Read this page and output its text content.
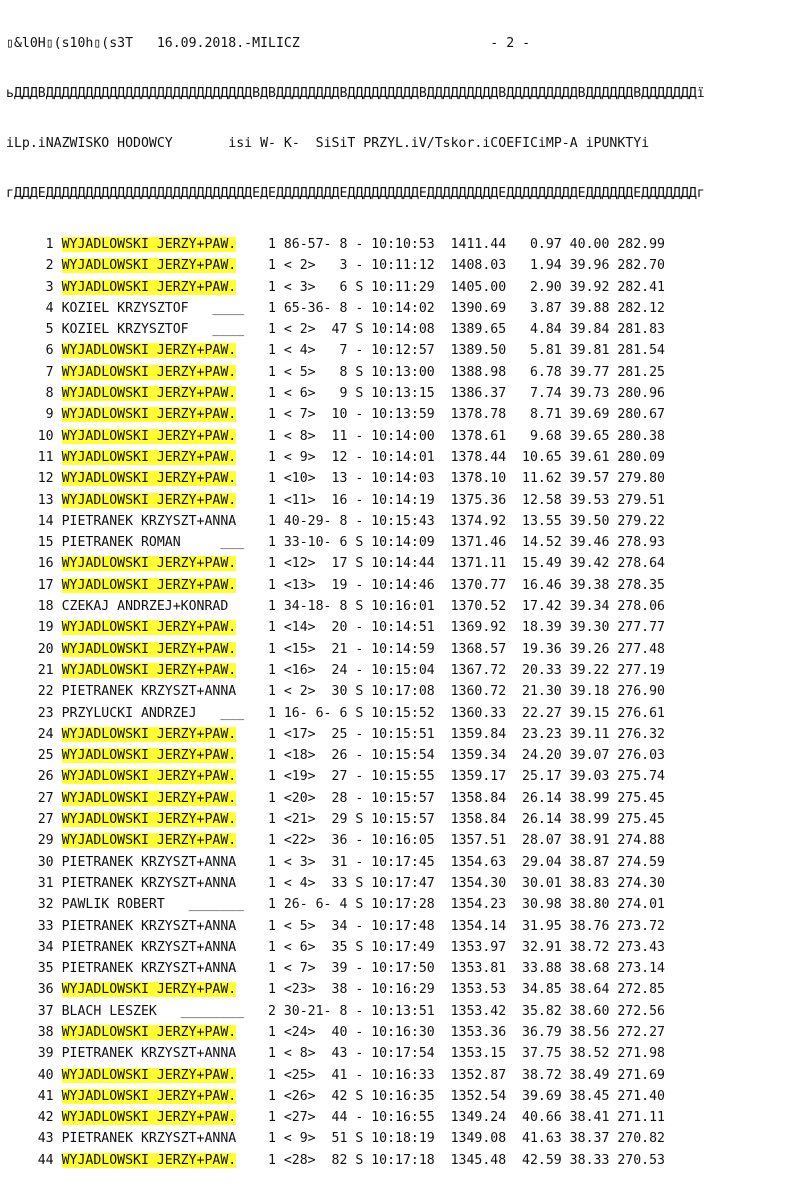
▯&l0H▯(s10h▯(s3T   16.09.2018.-MILICZ                        - 2 -

ьДДДВДДДДДДДДДДДДДДДДДДДДДДДДДДВДВДДДДДДДДВДДДДДДДДДВДДДДДДДДДВДДДДДДДДДВДДДДДДВДДДДДДДї

iLp.iNAZWISKO HODOWCY       isi W- K-  SiSiT PRZYL.iV/Tskor.iCOEFICiMP-A iPUNKTYi

гДДДЕДДДДДДДДДДДДДДДДДДДДДДДДДДЕДЕДДДДДДДДЕДДДДДДДДДЕДДДДДДДДДЕДДДДДДДДДЕДДДДДДЕДДДДДДДг

1 WYJADLOWSKI JERZY+PAW. 1 86-57- 8 - 10:10:53  1411.44   0.97 40.00 282.99
2 WYJADLOWSKI JERZY+PAW. 1 < 2>   3 - 10:11:12  1408.03   1.94 39.96 282.70
3 WYJADLOWSKI JERZY+PAW. 1 < 3>   6 S 10:11:29  1405.00   2.90 39.92 282.41
4 KOZIEL KRZYSZTOF   ____ 1 65-36- 8 - 10:14:02  1390.69   3.87 39.88 282.12
5 KOZIEL KRZYSZTOF   ____ 1 < 2>  47 S 10:14:08  1389.65   4.84 39.84 281.83
6 WYJADLOWSKI JERZY+PAW. 1 < 4>   7 - 10:12:57  1389.50   5.81 39.81 281.54
7 WYJADLOWSKI JERZY+PAW. 1 < 5>   8 S 10:13:00  1388.98   6.78 39.77 281.25
8 WYJADLOWSKI JERZY+PAW. 1 < 6>   9 S 10:13:15  1386.37   7.74 39.73 280.96
9 WYJADLOWSKI JERZY+PAW. 1 < 7>  10 - 10:13:59  1378.78   8.71 39.69 280.67
10 WYJADLOWSKI JERZY+PAW. 1 < 8>  11 - 10:14:00  1378.61   9.68 39.65 280.38
11 WYJADLOWSKI JERZY+PAW. 1 < 9>  12 - 10:14:01  1378.44  10.65 39.61 280.09
12 WYJADLOWSKI JERZY+PAW. 1 <10>  13 - 10:14:03  1378.10  11.62 39.57 279.80
13 WYJADLOWSKI JERZY+PAW. 1 <11>  16 - 10:14:19  1375.36  12.58 39.53 279.51
14 PIETRANEK KRZYSZT+ANNA 1 40-29- 8 - 10:15:43  1374.92  13.55 39.50 279.22
15 PIETRANEK ROMAN     ___ 1 33-10- 6 S 10:14:09  1371.46  14.52 39.46 278.93
16 WYJADLOWSKI JERZY+PAW. 1 <12>  17 S 10:14:44  1371.11  15.49 39.42 278.64
17 WYJADLOWSKI JERZY+PAW. 1 <13>  19 - 10:14:46  1370.77  16.46 39.38 278.35
18 CZEKAJ ANDRZEJ+KONRAD	1 34-18- 8 S 10:16:01  1370.52  17.42 39.34 278.06
19 WYJADLOWSKI JERZY+PAW. 1 <14>  20 - 10:14:51  1369.92  18.39 39.30 277.77
20 WYJADLOWSKI JERZY+PAW. 1 <15>  21 - 10:14:59  1368.57  19.36 39.26 277.48
21 WYJADLOWSKI JERZY+PAW. 1 <16>  24 - 10:15:04  1367.72  20.33 39.22 277.19
22 PIETRANEK KRZYSZT+ANNA 1 < 2>  30 S 10:17:08  1360.72  21.30 39.18 276.90
23 PRZYLUCKI ANDRZEJ   ___ 1 16- 6- 6 S 10:15:52  1360.33  22.27 39.15 276.61
24 WYJADLOWSKI JERZY+PAW. 1 <17>  25 - 10:15:51  1359.84  23.23 39.11 276.32
25 WYJADLOWSKI JERZY+PAW. 1 <18>  26 - 10:15:54  1359.34  24.20 39.07 276.03
26 WYJADLOWSKI JERZY+PAW. 1 <19>  27 - 10:15:55  1359.17  25.17 39.03 275.74
27 WYJADLOWSKI JERZY+PAW. 1 <20>  28 - 10:15:57  1358.84  26.14 38.99 275.45
27 WYJADLOWSKI JERZY+PAW. 1 <21>  29 S 10:15:57  1358.84  26.14 38.99 275.45
29 WYJADLOWSKI JERZY+PAW. 1 <22>  36 - 10:16:05  1357.51  28.07 38.91 274.88
30 PIETRANEK KRZYSZT+ANNA 1 < 3>  31 - 10:17:45  1354.63  29.04 38.87 274.59
31 PIETRANEK KRZYSZT+ANNA 1 < 4>  33 S 10:17:47  1354.30  30.01 38.83 274.30
32 PAWLIK ROBERT   _______ 1 26- 6- 4 S 10:17:28  1354.23  30.98 38.80 274.01
33 PIETRANEK KRZYSZT+ANNA 1 < 5>  34 - 10:17:48  1354.14  31.95 38.76 273.72
34 PIETRANEK KRZYSZT+ANNA 1 < 6>  35 S 10:17:49  1353.97  32.91 38.72 273.43
35 PIETRANEK KRZYSZT+ANNA 1 < 7>  39 - 10:17:50  1353.81  33.88 38.68 273.14
36 WYJADLOWSKI JERZY+PAW. 1 <23>  38 - 10:16:29  1353.53  34.85 38.64 272.85
37 BLACH LESZEK   ________ 2 30-21- 8 - 10:13:51  1353.42  35.82 38.60 272.56
38 WYJADLOWSKI JERZY+PAW. 1 <24>  40 - 10:16:30  1353.36  36.79 38.56 272.27
39 PIETRANEK KRZYSZT+ANNA 1 < 8>  43 - 10:17:54  1353.15  37.75 38.52 271.98
40 WYJADLOWSKI JERZY+PAW. 1 <25>  41 - 10:16:33  1352.87  38.72 38.49 271.69
41 WYJADLOWSKI JERZY+PAW. 1 <26>  42 S 10:16:35  1352.54  39.69 38.45 271.40
42 WYJADLOWSKI JERZY+PAW. 1 <27>  44 - 10:16:55  1349.24  40.66 38.41 271.11
43 PIETRANEK KRZYSZT+ANNA 1 < 9>  51 S 10:18:19  1349.08  41.63 38.37 270.82
44 WYJADLOWSKI JERZY+PAW. 1 <28>  82 S 10:17:18  1345.48  42.59 38.33 270.53
